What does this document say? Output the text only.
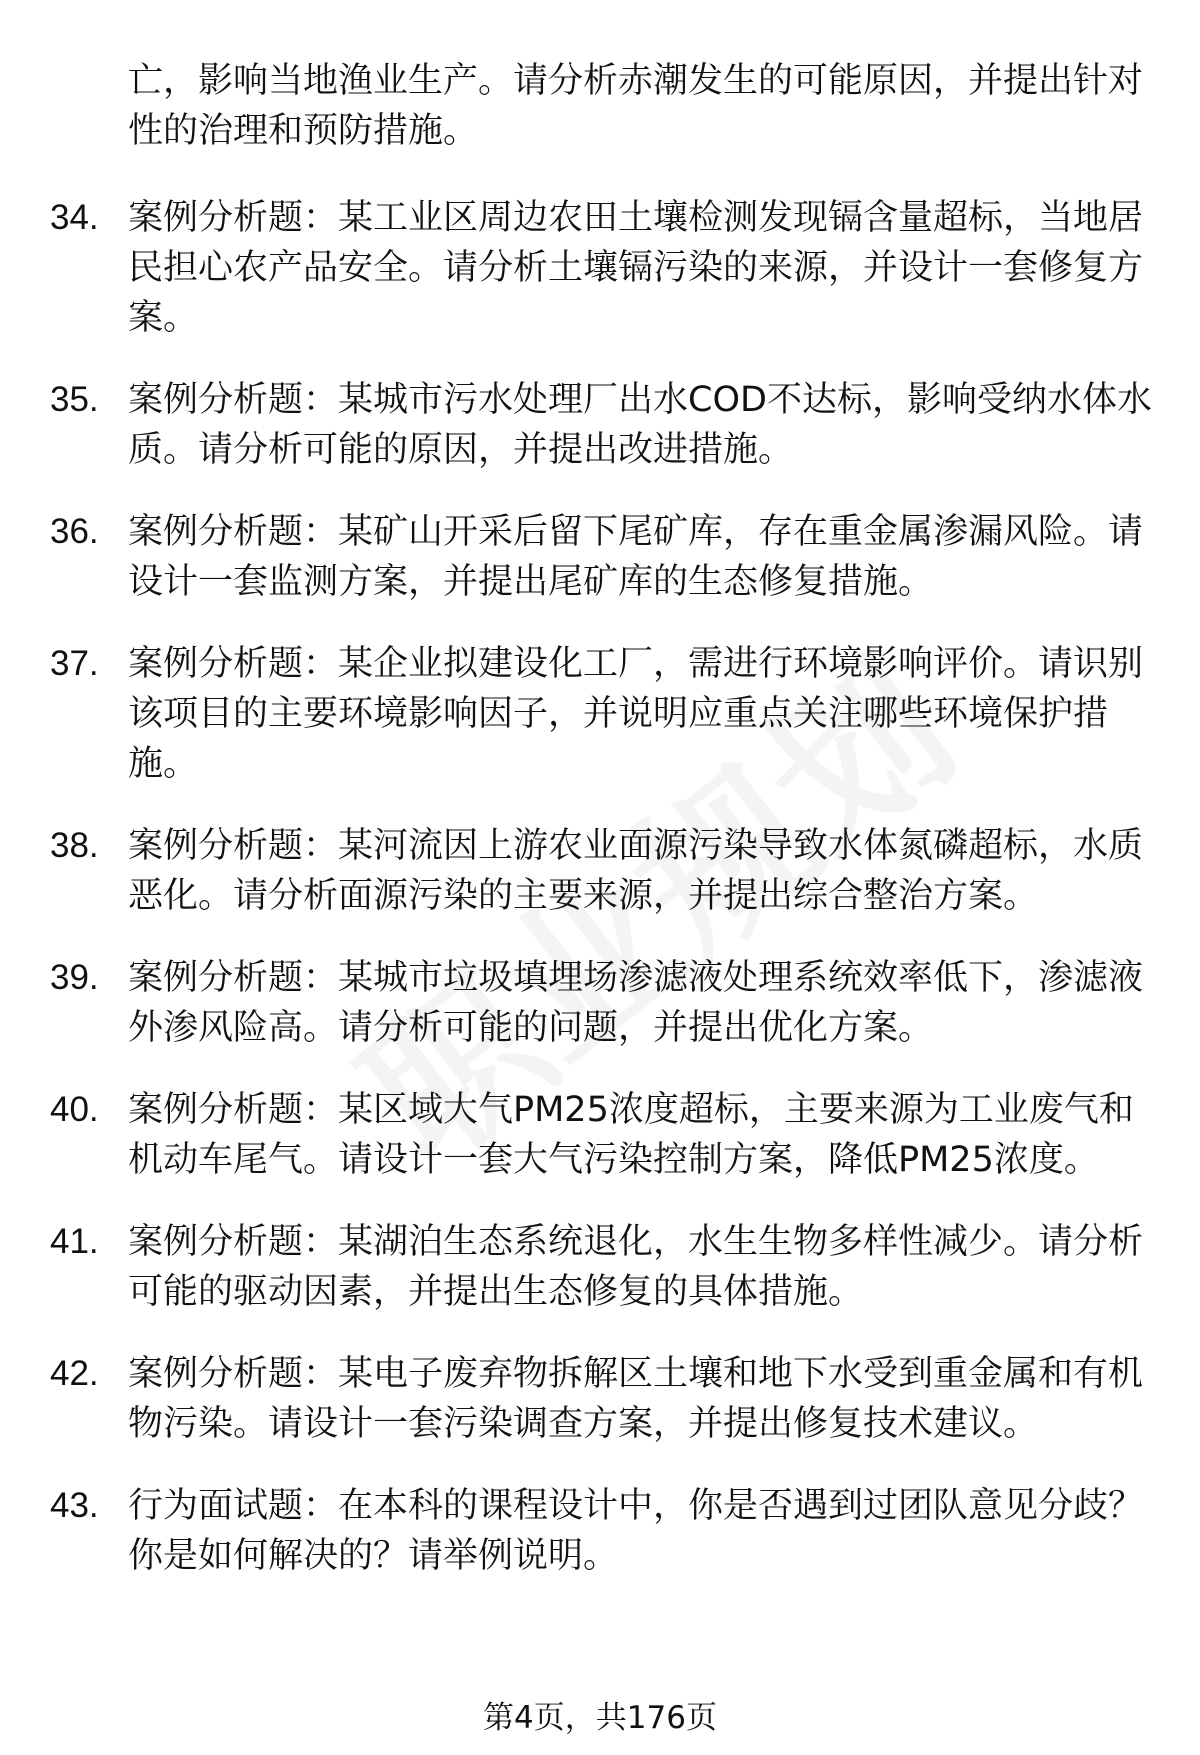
亡，影响当地渔业生产。请分析赤潮发生的可能原因，并提出针对性的治理和预防措施。
34. 案例分析题：某工业区周边农田土壤检测发现镉含量超标，当地居民担心农产品安全。请分析土壤镉污染的来源，并设计一套修复方案。
35. 案例分析题：某城市污水处理厂出水COD不达标，影响受纳水体水质。请分析可能的原因，并提出改进措施。
36. 案例分析题：某矿山开采后留下尾矿库，存在重金属渗漏风险。请设计一套监测方案，并提出尾矿库的生态修复措施。
37. 案例分析题：某企业拟建设化工厂，需进行环境影响评价。请识别该项目的主要环境影响因子，并说明应重点关注哪些环境保护措施。
38. 案例分析题：某河流因上游农业面源污染导致水体氮磷超标，水质恶化。请分析面源污染的主要来源，并提出综合整治方案。
39. 案例分析题：某城市垃圾填埋场渗滤液处理系统效率低下，渗滤液外渗风险高。请分析可能的问题，并提出优化方案。
40. 案例分析题：某区域大气PM25浓度超标，主要来源为工业废气和机动车尾气。请设计一套大气污染控制方案，降低PM25浓度。
41. 案例分析题：某湖泊生态系统退化，水生生物多样性减少。请分析可能的驱动因素，并提出生态修复的具体措施。
42. 案例分析题：某电子废弃物拆解区土壤和地下水受到重金属和有机物污染。请设计一套污染调查方案，并提出修复技术建议。
43. 行为面试题：在本科的课程设计中，你是否遇到过团队意见分歧？你是如何解决的？请举例说明。
第4页，共176页
